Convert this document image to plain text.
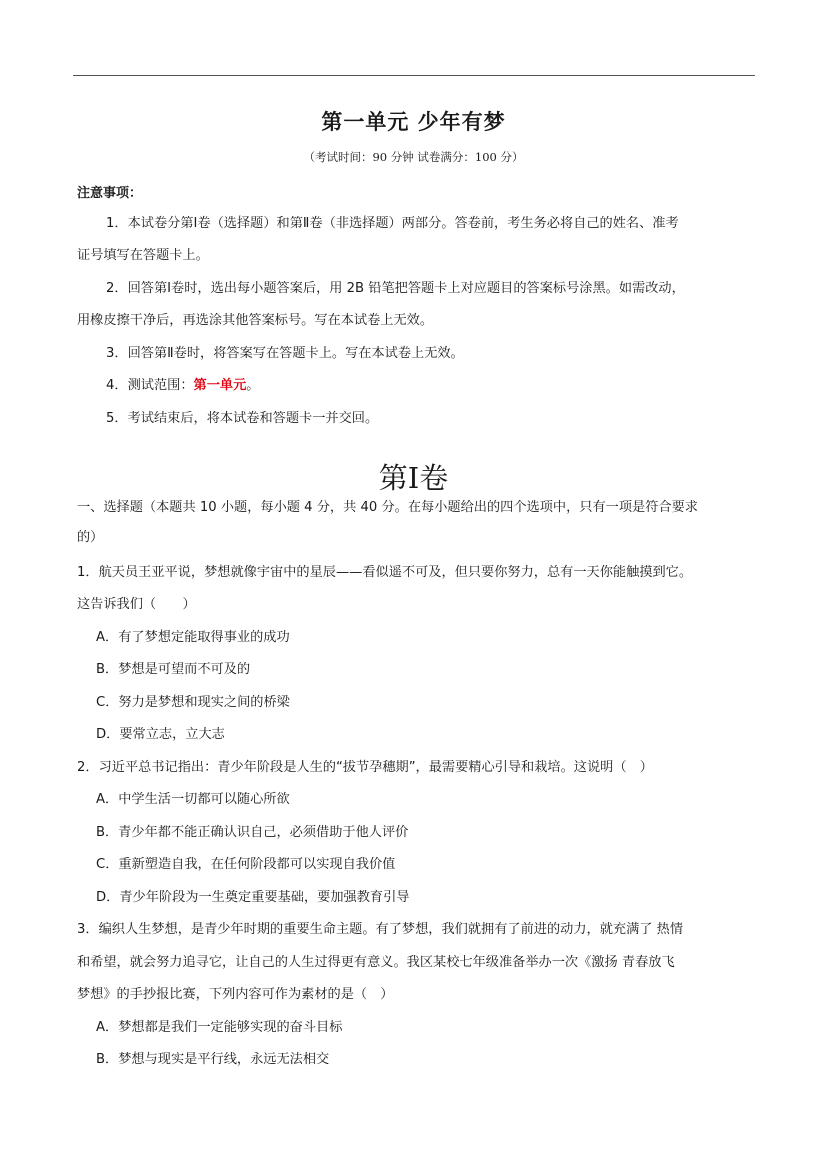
第一单元 少年有梦
（考试时间：90 分钟 试卷满分：100 分）
注意事项：
1．本试卷分第Ⅰ卷（选择题）和第Ⅱ卷（非选择题）两部分。答卷前，考生务必将自己的姓名、准考
证号填写在答题卡上。
2．回答第Ⅰ卷时，选出每小题答案后，用 2B 铅笔把答题卡上对应题目的答案标号涂黑。如需改动，
用橡皮擦干净后，再选涂其他答案标号。写在本试卷上无效。
3．回答第Ⅱ卷时，将答案写在答题卡上。写在本试卷上无效。
4．测试范围：第一单元。
5．考试结束后，将本试卷和答题卡一并交回。
第Ⅰ卷
一、选择题（本题共 10 小题，每小题 4 分，共 40 分。在每小题给出的四个选项中，只有一项是符合要求
的）
1．航天员王亚平说，梦想就像宇宙中的星辰——看似遥不可及，但只要你努力，总有一天你能触摸到它。
这告诉我们（　　）
A．有了梦想定能取得事业的成功
B．梦想是可望而不可及的
C．努力是梦想和现实之间的桥梁
D．要常立志，立大志
2．习近平总书记指出：青少年阶段是人生的“拔节孕穗期”，最需要精心引导和栽培。这说明（　）
A．中学生活一切都可以随心所欲
B．青少年都不能正确认识自己，必须借助于他人评价
C．重新塑造自我，在任何阶段都可以实现自我价值
D．青少年阶段为一生奠定重要基础，要加强教育引导
3．编织人生梦想，是青少年时期的重要生命主题。有了梦想，我们就拥有了前进的动力，就充满了 热情
和希望，就会努力追寻它，让自己的人生过得更有意义。我区某校七年级准备举办一次《激扬 青春放飞
梦想》的手抄报比赛，下列内容可作为素材的是（　）
A．梦想都是我们一定能够实现的奋斗目标
B．梦想与现实是平行线，永远无法相交
